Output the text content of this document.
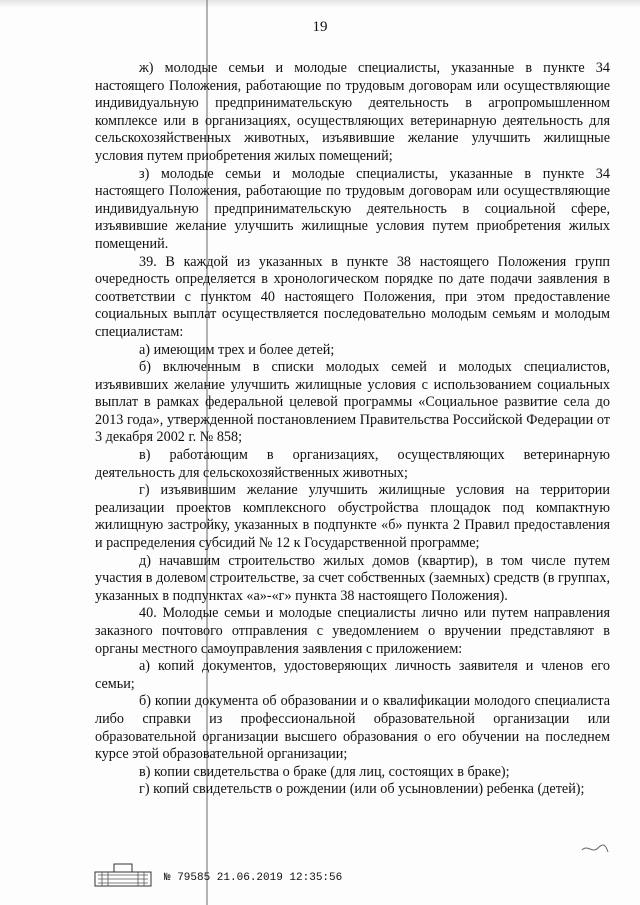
19

ж) молодые семьи и молодые специалисты, указанные в пункте 34 настоящего Положения, работающие по трудовым договорам или осуществляющие индивидуальную предпринимательскую деятельность в агропромышленном комплексе или в организациях, осуществляющих ветеринарную деятельность для сельскохозяйственных животных, изъявившие желание улучшить жилищные условия путем приобретения жилых помещений;

з) молодые семьи и молодые специалисты, указанные в пункте 34 настоящего Положения, работающие по трудовым договорам или осуществляющие индивидуальную предпринимательскую деятельность в социальной сфере, изъявившие желание улучшить жилищные условия путем приобретения жилых помещений.

39. В каждой из указанных в пункте 38 настоящего Положения групп очередность определяется в хронологическом порядке по дате подачи заявления в соответствии с пунктом 40 настоящего Положения, при этом предоставление социальных выплат осуществляется последовательно молодым семьям и молодым специалистам:

а) имеющим трех и более детей;

б) включенным в списки молодых семей и молодых специалистов, изъявивших желание улучшить жилищные условия с использованием социальных выплат в рамках федеральной целевой программы «Социальное развитие села до 2013 года», утвержденной постановлением Правительства Российской Федерации от 3 декабря 2002 г. № 858;

в) работающим в организациях, осуществляющих ветеринарную деятельность для сельскохозяйственных животных;

г) изъявившим желание улучшить жилищные условия на территории реализации проектов комплексного обустройства площадок под компактную жилищную застройку, указанных в подпункте «б» пункта 2 Правил предоставления и распределения субсидий № 12 к Государственной программе;

д) начавшим строительство жилых домов (квартир), в том числе путем участия в долевом строительстве, за счет собственных (заемных) средств (в группах, указанных в подпунктах «а»-«г» пункта 38 настоящего Положения).

40. Молодые семьи и молодые специалисты лично или путем направления заказного почтового отправления с уведомлением о вручении представляют в органы местного самоуправления заявления с приложением:

а) копий документов, удостоверяющих личность заявителя и членов его семьи;

б) копии документа об образовании и о квалификации молодого специалиста либо справки из профессиональной образовательной организации или образовательной организации высшего образования о его обучении на последнем курсе этой образовательной организации;

в) копии свидетельства о браке (для лиц, состоящих в браке);

г) копий свидетельств о рождении (или об усыновлении) ребенка (детей);

№ 79585 21.06.2019 12:35:56
